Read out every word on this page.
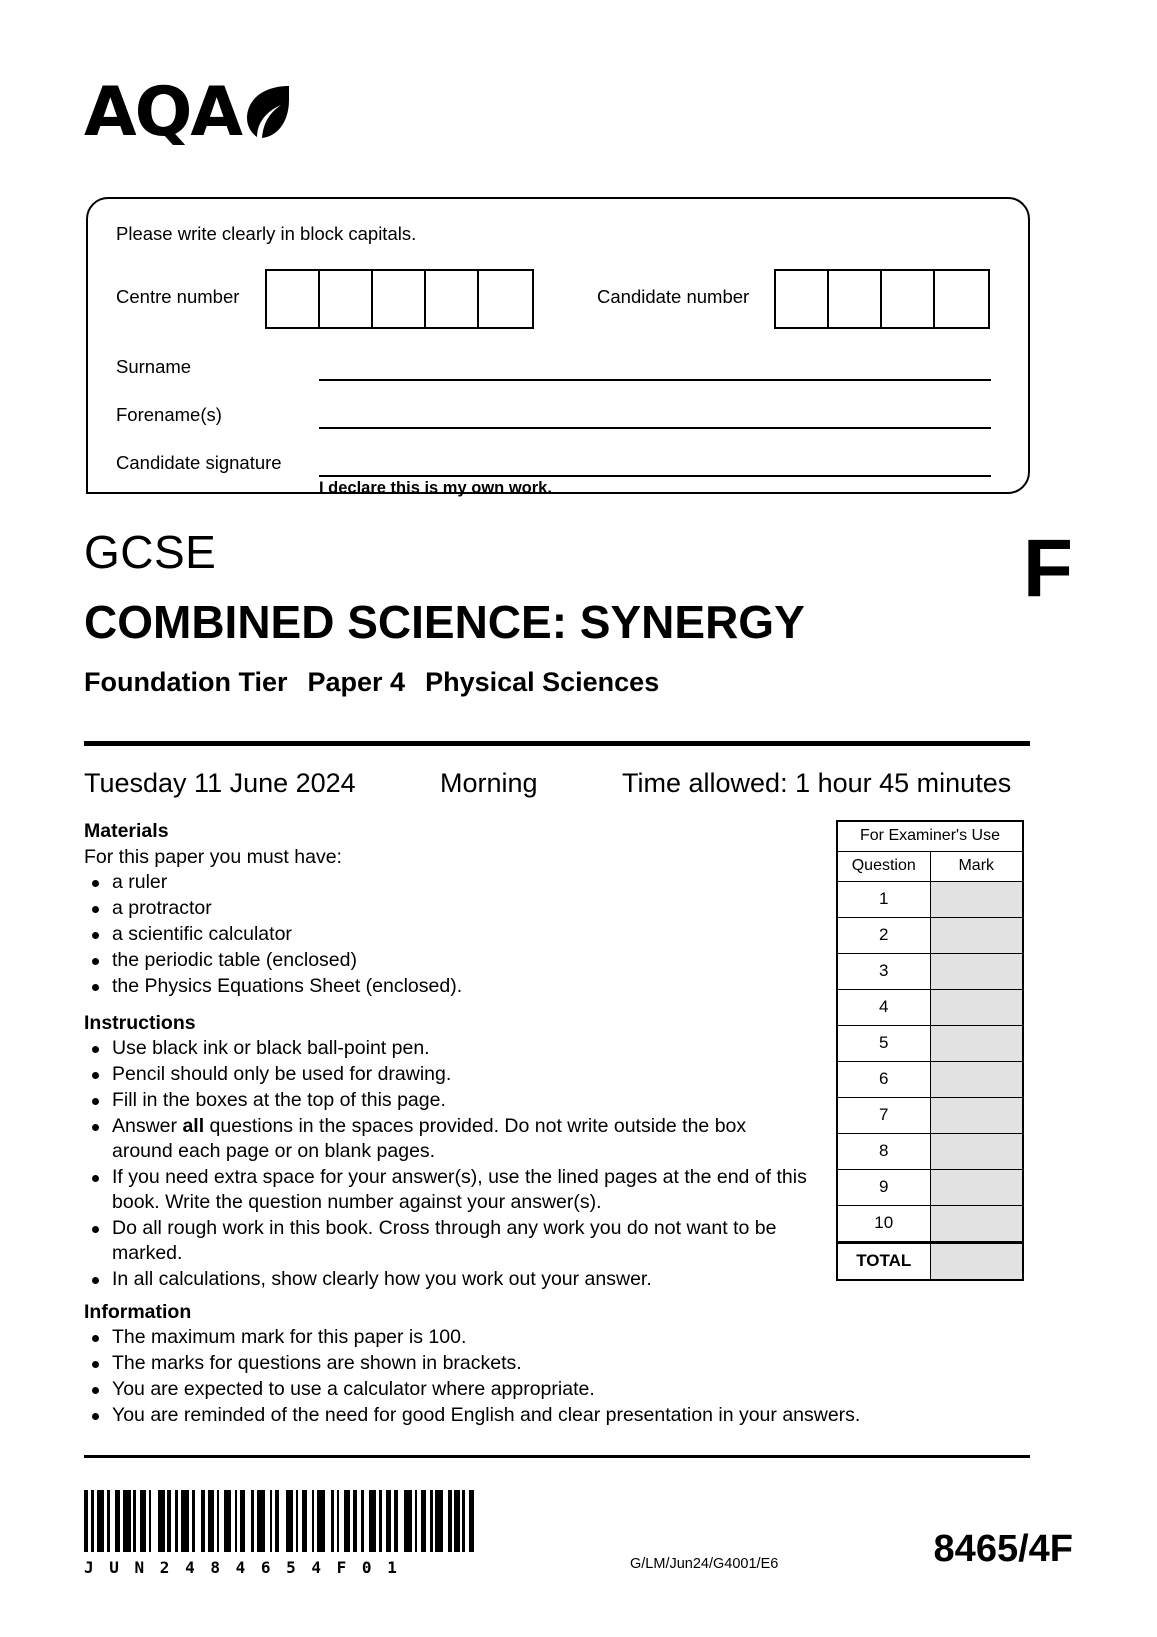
AQA
Please write clearly in block capitals.
Centre number	Candidate number
Surname
Forename(s)
Candidate signature
I declare this is my own work.
GCSE
COMBINED SCIENCE: SYNERGY
Foundation Tier Paper 4 Physical Sciences
F
Tuesday 11 June 2024	Morning	Time allowed: 1 hour 45 minutes
Materials
For this paper you must have:
a ruler
a protractor
a scientific calculator
the periodic table (enclosed)
the Physics Equations Sheet (enclosed).
Instructions
Use black ink or black ball-point pen.
Pencil should only be used for drawing.
Fill in the boxes at the top of this page.
Answer all questions in the spaces provided. Do not write outside the box around each page or on blank pages.
If you need extra space for your answer(s), use the lined pages at the end of this book. Write the question number against your answer(s).
Do all rough work in this book. Cross through any work you do not want to be marked.
In all calculations, show clearly how you work out your answer.
Information
The maximum mark for this paper is 100.
The marks for questions are shown in brackets.
You are expected to use a calculator where appropriate.
You are reminded of the need for good English and clear presentation in your answers.
For Examiner's Use
Question	Mark
1
2
3
4
5
6
7
8
9
10
TOTAL
J U N 2 4 8 4 6 5 4 F 0 1	G/LM/Jun24/G4001/E6	8465/4F
